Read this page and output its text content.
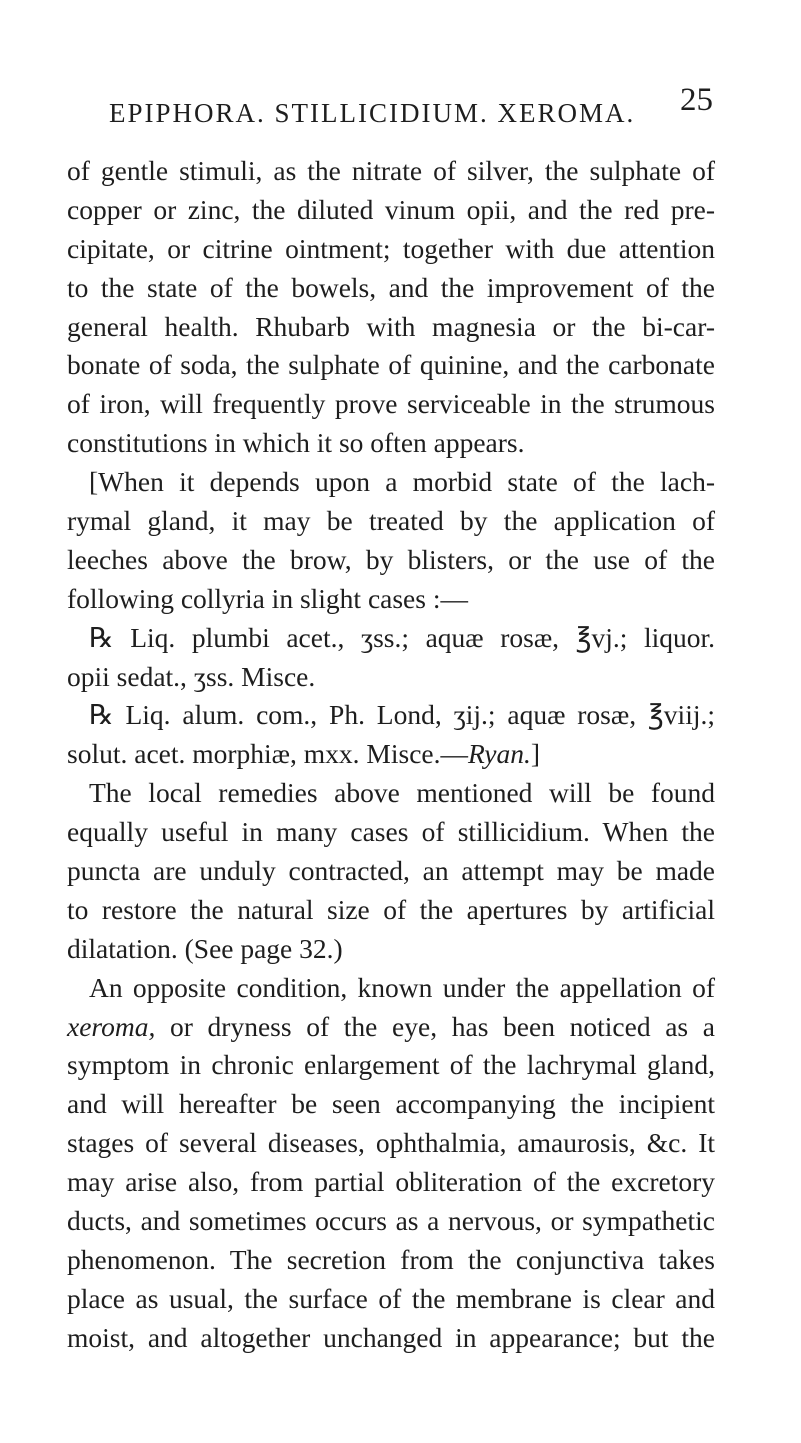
EPIPHORA. STILLICIDIUM. XEROMA. 25
of gentle stimuli, as the nitrate of silver, the sulphate of
copper or zinc, the diluted vinum opii, and the red pre-
cipitate, or citrine ointment; together with due attention
to the state of the bowels, and the improvement of the
general health. Rhubarb with magnesia or the bi-car-
bonate of soda, the sulphate of quinine, and the carbonate
of iron, will frequently prove serviceable in the strumous
constitutions in which it so often appears.
[When it depends upon a morbid state of the lach-
rymal gland, it may be treated by the application of
leeches above the brow, by blisters, or the use of the
following collyria in slight cases :—
℞ Liq. plumbi acet., ʒss.; aquæ rosæ, ℥vj.; liquor.
opii sedat., ʒss. Misce.
℞ Liq. alum. com., Ph. Lond, ʒij.; aquæ rosæ, ℥viij.;
solut. acet. morphiæ, mxx. Misce.—Ryan.]
The local remedies above mentioned will be found
equally useful in many cases of stillicidium. When the
puncta are unduly contracted, an attempt may be made
to restore the natural size of the apertures by artificial
dilatation. (See page 32.)
An opposite condition, known under the appellation of
xeroma, or dryness of the eye, has been noticed as a
symptom in chronic enlargement of the lachrymal gland,
and will hereafter be seen accompanying the incipient
stages of several diseases, ophthalmia, amaurosis, &c. It
may arise also, from partial obliteration of the excretory
ducts, and sometimes occurs as a nervous, or sympathetic
phenomenon. The secretion from the conjunctiva takes
place as usual, the surface of the membrane is clear and
moist, and altogether unchanged in appearance; but the
